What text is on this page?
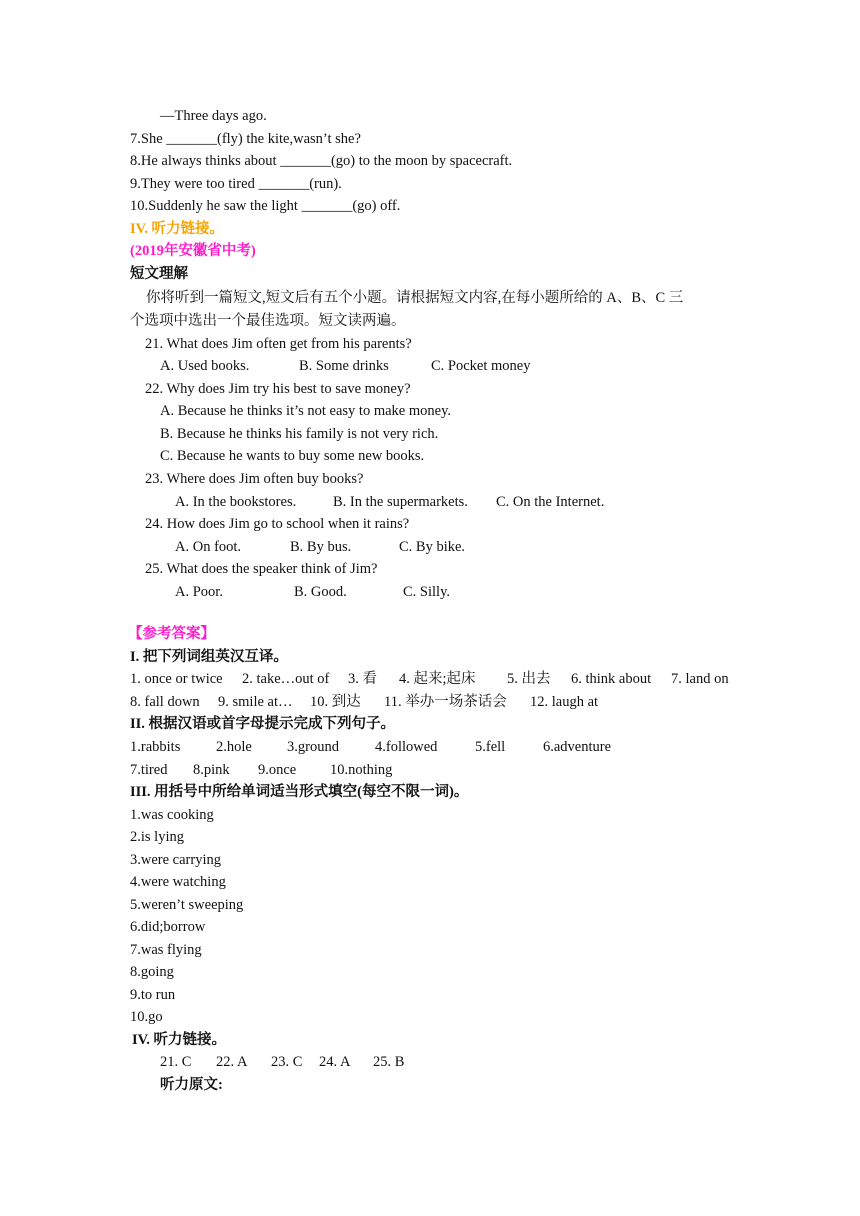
—Three days ago.
7.She _______(fly) the kite,wasn’t she?
8.He always thinks about _______(go) to the moon by spacecraft.
9.They were too tired _______(run).
10.Suddenly he saw the light _______(go) off.
IV. 听力链接。
(2019年安徽省中考)
短文理解
你将听到一篇短文,短文后有五个小题。请根据短文内容,在每小题所给的 A、B、C 三
个选项中选出一个最佳选项。短文读两遍。
21. What does Jim often get from his parents?
A. Used books.	B. Some drinks	C. Pocket money
22. Why does Jim try his best to save money?
A. Because he thinks it’s not easy to make money.
B. Because he thinks his family is not very rich.
C. Because he wants to buy some new books.
23. Where does Jim often buy books?
A. In the bookstores.	B. In the supermarkets. C. On the Internet.
24. How does Jim go to school when it rains?
A. On foot.	B. By bus.	C. By bike.
25. What does the speaker think of Jim?
A. Poor.	B. Good.	C. Silly.
【参考答案】
I. 把下列词组英汉互译。
1. once or twice 2. take…out of 3. 看 4. 起来;起床 5. 出去 6. think about 7. land on
8. fall down 9. smile at… 10. 到达 11. 举办一场茶话会 12. laugh at
II. 根据汉语或首字母提示完成下列句子。
1.rabbits 2.hole 3.ground 4.followed	5.fell	6.adventure
7.tired 8.pink 9.once 10.nothing
III. 用括号中所给单词适当形式填空(每空不限一词)。
1.was cooking
2.is lying
3.were carrying
4.were watching
5.weren’t sweeping
6.did;borrow
7.was flying
8.going
9.to run
10.go
IV. 听力链接。
21. C 22. A 23. C 24. A 25. B
听力原文:
